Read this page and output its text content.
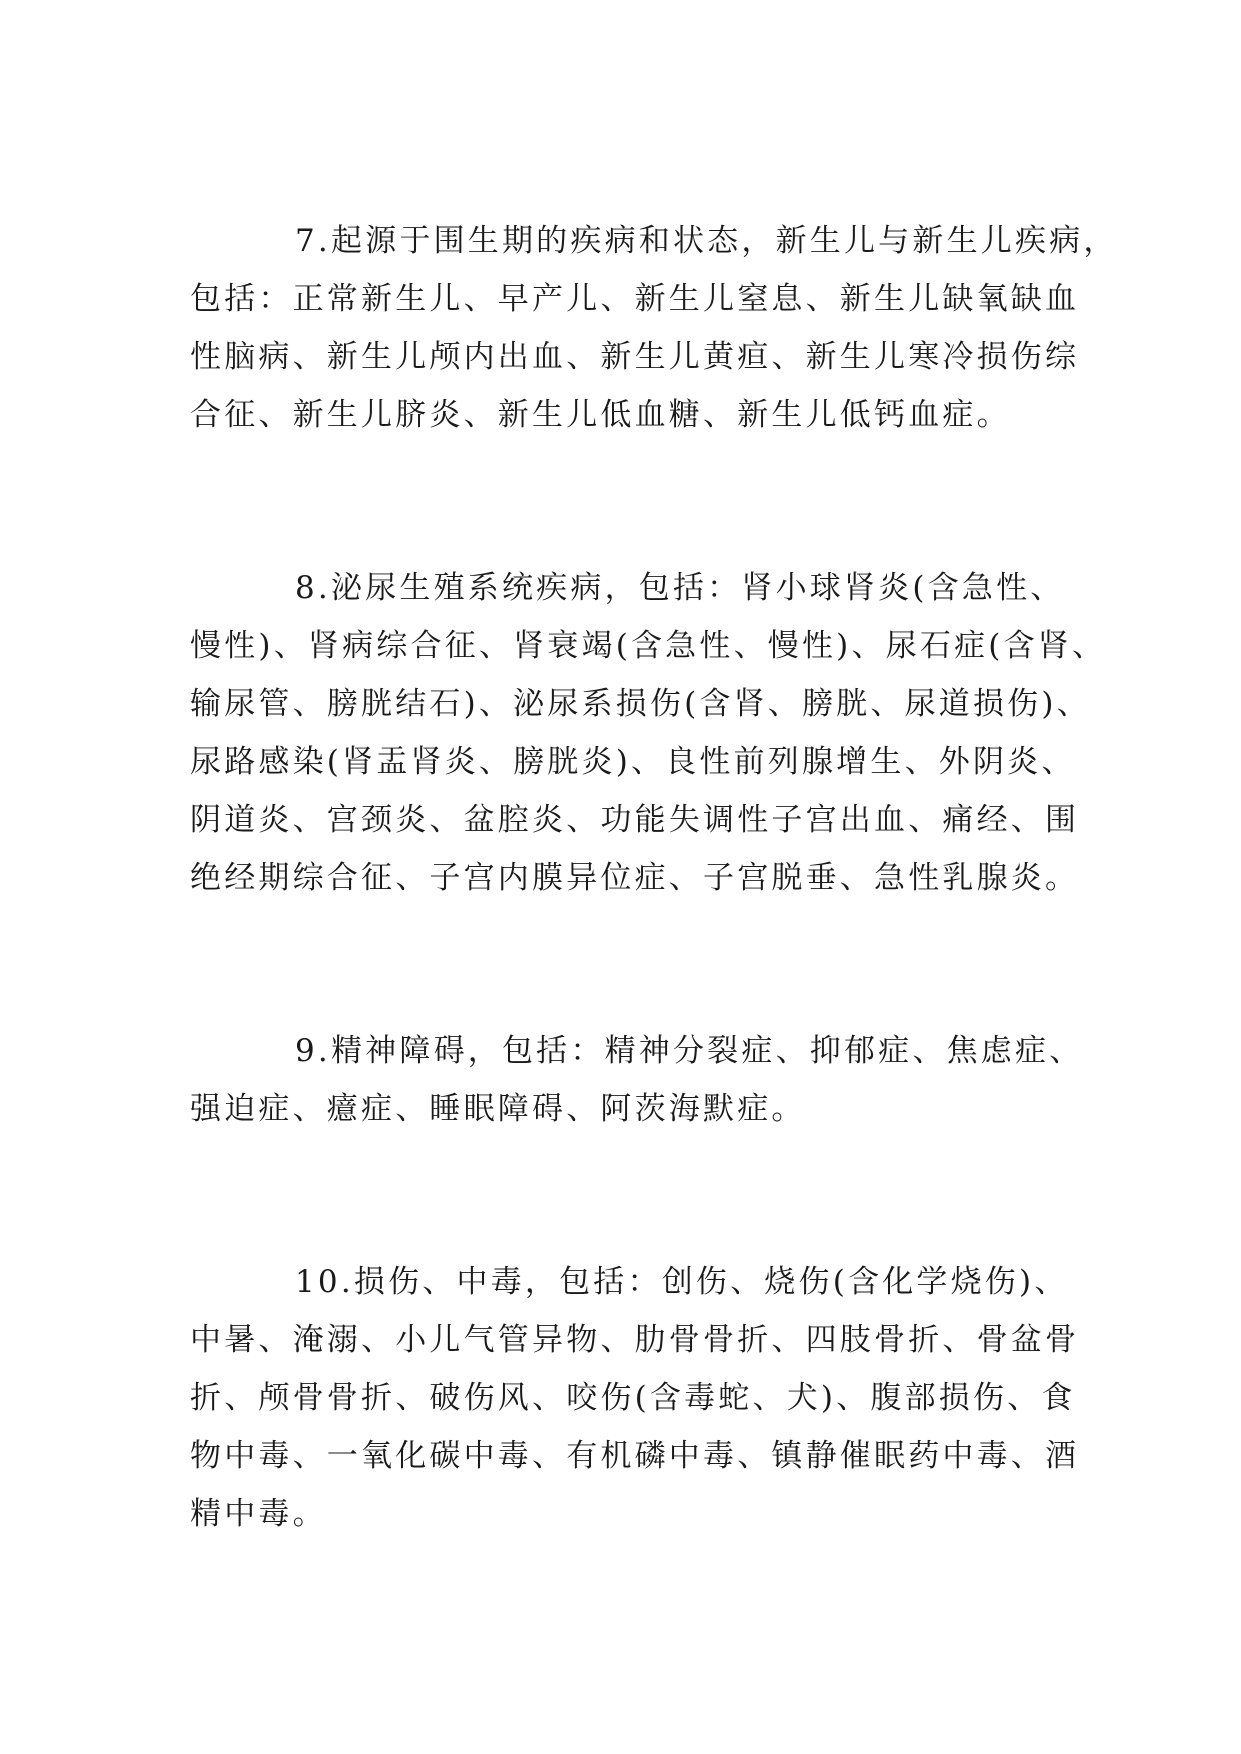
7.起源于围生期的疾病和状态，新生儿与新生儿疾病，
包括：正常新生儿、早产儿、新生儿窒息、新生儿缺氧缺血
性脑病、新生儿颅内出血、新生儿黄疸、新生儿寒冷损伤综
合征、新生儿脐炎、新生儿低血糖、新生儿低钙血症。
8.泌尿生殖系统疾病，包括：肾小球肾炎(含急性、
慢性)、肾病综合征、肾衰竭(含急性、慢性)、尿石症(含肾、
输尿管、膀胱结石)、泌尿系损伤(含肾、膀胱、尿道损伤)、
尿路感染(肾盂肾炎、膀胱炎)、良性前列腺增生、外阴炎、
阴道炎、宫颈炎、盆腔炎、功能失调性子宫出血、痛经、围
绝经期综合征、子宫内膜异位症、子宫脱垂、急性乳腺炎。
9.精神障碍，包括：精神分裂症、抑郁症、焦虑症、
强迫症、癔症、睡眠障碍、阿茨海默症。
10.损伤、中毒，包括：创伤、烧伤(含化学烧伤)、
中暑、淹溺、小儿气管异物、肋骨骨折、四肢骨折、骨盆骨
折、颅骨骨折、破伤风、咬伤(含毒蛇、犬)、腹部损伤、食
物中毒、一氧化碳中毒、有机磷中毒、镇静催眠药中毒、酒
精中毒。
